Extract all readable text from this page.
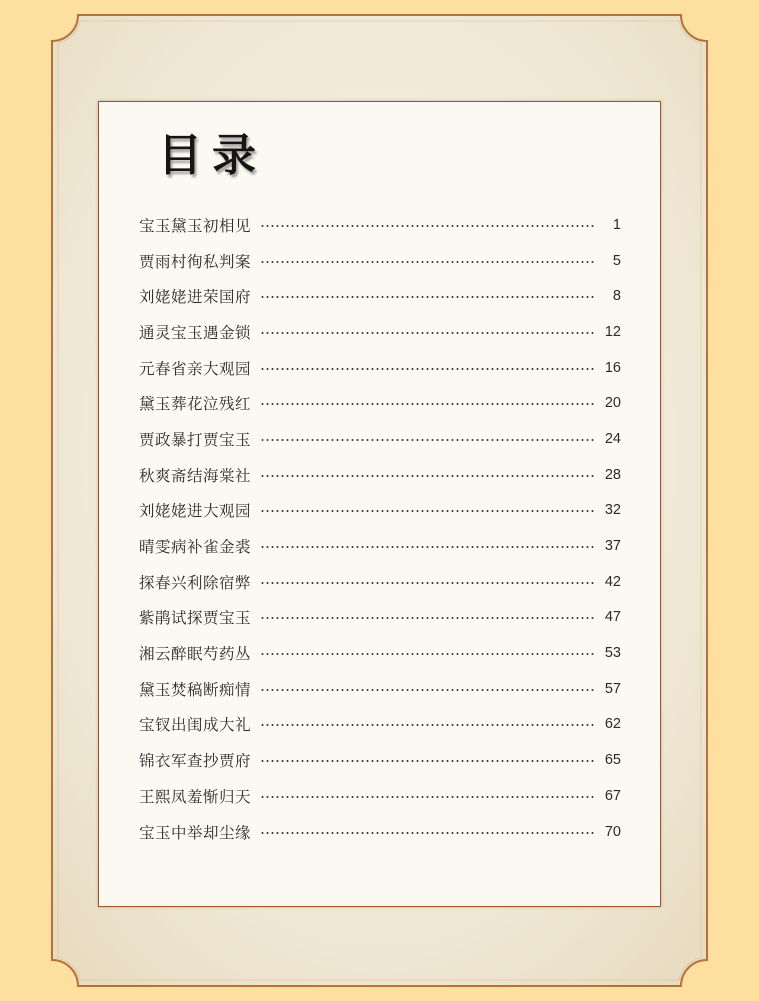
目录
宝玉黛玉初相见	1
贾雨村徇私判案	5
刘姥姥进荣国府	8
通灵宝玉遇金锁	12
元春省亲大观园	16
黛玉葬花泣残红	20
贾政暴打贾宝玉	24
秋爽斋结海棠社	28
刘姥姥进大观园	32
晴雯病补雀金裘	37
探春兴利除宿弊	42
紫鹃试探贾宝玉	47
湘云醉眠芍药丛	53
黛玉焚稿断痴情	57
宝钗出闺成大礼	62
锦衣军查抄贾府	65
王熙凤羞惭归天	67
宝玉中举却尘缘	70
